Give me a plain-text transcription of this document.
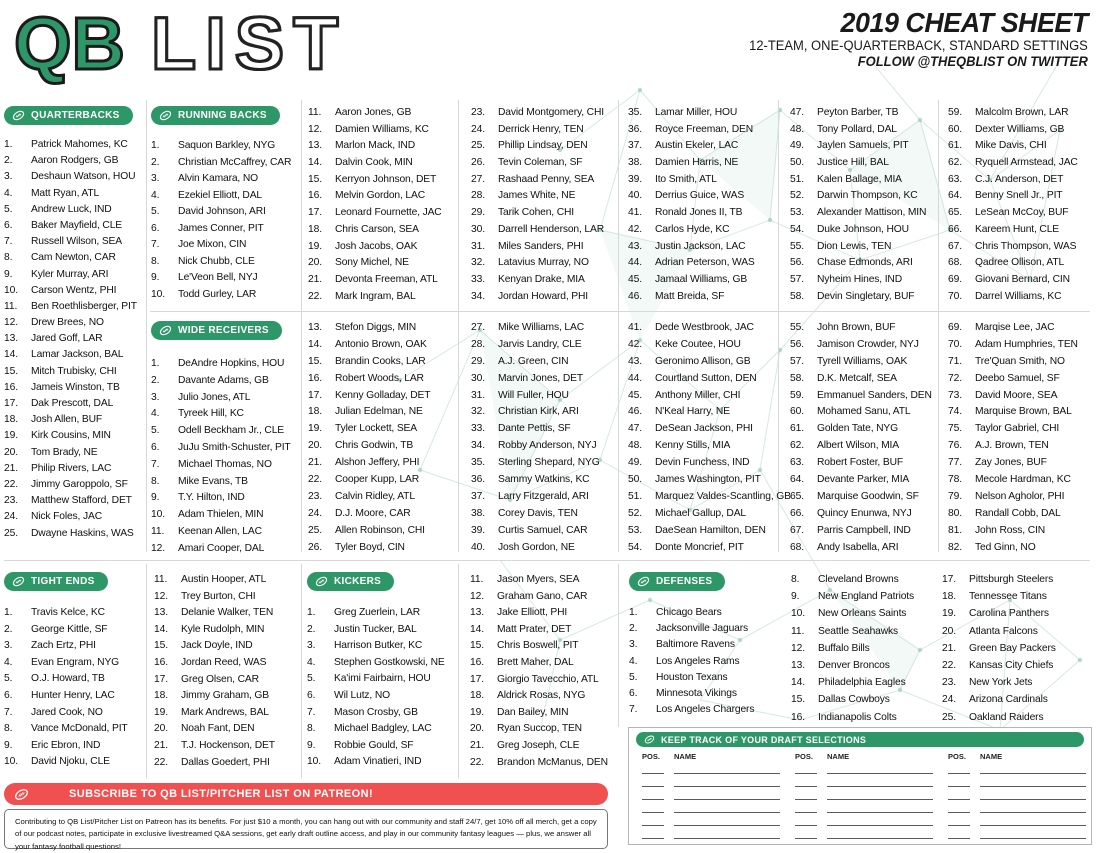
QB LIST	2019 CHEAT SHEET
12-TEAM, ONE-QUARTERBACK, STANDARD SETTINGS
FOLLOW @THEQBLIST ON TWITTER
QUARTERBACKS	RUNNING BACKS
WIDE RECEIVERS
TIGHT ENDS	KICKERS	DEFENSES
1.	Patrick Mahomes, KC
2.	Aaron Rodgers, GB
3.	Deshaun Watson, HOU
4.	Matt Ryan, ATL
5.	Andrew Luck, IND
6.	Baker Mayfield, CLE
7.	Russell Wilson, SEA
8.	Cam Newton, CAR
9.	Kyler Murray, ARI
10.	Carson Wentz, PHI
11.	Ben Roethlisberger, PIT
12.	Drew Brees, NO
13.	Jared Goff, LAR
14.	Lamar Jackson, BAL
15.	Mitch Trubisky, CHI
16.	Jameis Winston, TB
17.	Dak Prescott, DAL
18.	Josh Allen, BUF
19.	Kirk Cousins, MIN
20.	Tom Brady, NE
21.	Philip Rivers, LAC
22.	Jimmy Garoppolo, SF
23.	Matthew Stafford, DET
24.	Nick Foles, JAC
25.	Dwayne Haskins, WAS
1.	Saquon Barkley, NYG
2.	Christian McCaffrey, CAR
3.	Alvin Kamara, NO
4.	Ezekiel Elliott, DAL
5.	David Johnson, ARI
6.	James Conner, PIT
7.	Joe Mixon, CIN
8.	Nick Chubb, CLE
9.	Le'Veon Bell, NYJ
10.	Todd Gurley, LAR
11.	Aaron Jones, GB
12.	Damien Williams, KC
13.	Marlon Mack, IND
14.	Dalvin Cook, MIN
15.	Kerryon Johnson, DET
16.	Melvin Gordon, LAC
17.	Leonard Fournette, JAC
18.	Chris Carson, SEA
19.	Josh Jacobs, OAK
20.	Sony Michel, NE
21.	Devonta Freeman, ATL
22.	Mark Ingram, BAL
23.	David Montgomery, CHI
24.	Derrick Henry, TEN
25.	Phillip Lindsay, DEN
26.	Tevin Coleman, SF
27.	Rashaad Penny, SEA
28.	James White, NE
29.	Tarik Cohen, CHI
30.	Darrell Henderson, LAR
31.	Miles Sanders, PHI
32.	Latavius Murray, NO
33.	Kenyan Drake, MIA
34.	Jordan Howard, PHI
35.	Lamar Miller, HOU
36.	Royce Freeman, DEN
37.	Austin Ekeler, LAC
38.	Damien Harris, NE
39.	Ito Smith, ATL
40.	Derrius Guice, WAS
41.	Ronald Jones II, TB
42.	Carlos Hyde, KC
43.	Justin Jackson, LAC
44.	Adrian Peterson, WAS
45.	Jamaal Williams, GB
46.	Matt Breida, SF
47.	Peyton Barber, TB
48.	Tony Pollard, DAL
49.	Jaylen Samuels, PIT
50.	Justice Hill, BAL
51.	Kalen Ballage, MIA
52.	Darwin Thompson, KC
53.	Alexander Mattison, MIN
54.	Duke Johnson, HOU
55.	Dion Lewis, TEN
56.	Chase Edmonds, ARI
57.	Nyheim Hines, IND
58.	Devin Singletary, BUF
59.	Malcolm Brown, LAR
60.	Dexter Williams, GB
61.	Mike Davis, CHI
62.	Ryquell Armstead, JAC
63.	C.J. Anderson, DET
64.	Benny Snell Jr., PIT
65.	LeSean McCoy, BUF
66.	Kareem Hunt, CLE
67.	Chris Thompson, WAS
68.	Qadree Ollison, ATL
69.	Giovani Bernard, CIN
70.	Darrel Williams, KC
1.	DeAndre Hopkins, HOU
2.	Davante Adams, GB
3.	Julio Jones, ATL
4.	Tyreek Hill, KC
5.	Odell Beckham Jr., CLE
6.	JuJu Smith-Schuster, PIT
7.	Michael Thomas, NO
8.	Mike Evans, TB
9.	T.Y. Hilton, IND
10.	Adam Thielen, MIN
11.	Keenan Allen, LAC
12.	Amari Cooper, DAL
13.	Stefon Diggs, MIN
14.	Antonio Brown, OAK
15.	Brandin Cooks, LAR
16.	Robert Woods, LAR
17.	Kenny Golladay, DET
18.	Julian Edelman, NE
19.	Tyler Lockett, SEA
20.	Chris Godwin, TB
21.	Alshon Jeffery, PHI
22.	Cooper Kupp, LAR
23.	Calvin Ridley, ATL
24.	D.J. Moore, CAR
25.	Allen Robinson, CHI
26.	Tyler Boyd, CIN
27.	Mike Williams, LAC
28.	Jarvis Landry, CLE
29.	A.J. Green, CIN
30.	Marvin Jones, DET
31.	Will Fuller, HOU
32.	Christian Kirk, ARI
33.	Dante Pettis, SF
34.	Robby Anderson, NYJ
35.	Sterling Shepard, NYG
36.	Sammy Watkins, KC
37.	Larry Fitzgerald, ARI
38.	Corey Davis, TEN
39.	Curtis Samuel, CAR
40.	Josh Gordon, NE
41.	Dede Westbrook, JAC
42.	Keke Coutee, HOU
43.	Geronimo Allison, GB
44.	Courtland Sutton, DEN
45.	Anthony Miller, CHI
46.	N'Keal Harry, NE
47.	DeSean Jackson, PHI
48.	Kenny Stills, MIA
49.	Devin Funchess, IND
50.	James Washington, PIT
51.	Marquez Valdes-Scantling, GB
52.	Michael Gallup, DAL
53.	DaeSean Hamilton, DEN
54.	Donte Moncrief, PIT
55.	John Brown, BUF
56.	Jamison Crowder, NYJ
57.	Tyrell Williams, OAK
58.	D.K. Metcalf, SEA
59.	Emmanuel Sanders, DEN
60.	Mohamed Sanu, ATL
61.	Golden Tate, NYG
62.	Albert Wilson, MIA
63.	Robert Foster, BUF
64.	Devante Parker, MIA
65.	Marquise Goodwin, SF
66.	Quincy Enunwa, NYJ
67.	Parris Campbell, IND
68.	Andy Isabella, ARI
69.	Marqise Lee, JAC
70.	Adam Humphries, TEN
71.	Tre'Quan Smith, NO
72.	Deebo Samuel, SF
73.	David Moore, SEA
74.	Marquise Brown, BAL
75.	Taylor Gabriel, CHI
76.	A.J. Brown, TEN
77.	Zay Jones, BUF
78.	Mecole Hardman, KC
79.	Nelson Agholor, PHI
80.	Randall Cobb, DAL
81.	John Ross, CIN
82.	Ted Ginn, NO
1.	Travis Kelce, KC
2.	George Kittle, SF
3.	Zach Ertz, PHI
4.	Evan Engram, NYG
5.	O.J. Howard, TB
6.	Hunter Henry, LAC
7.	Jared Cook, NO
8.	Vance McDonald, PIT
9.	Eric Ebron, IND
10.	David Njoku, CLE
11.	Austin Hooper, ATL
12.	Trey Burton, CHI
13.	Delanie Walker, TEN
14.	Kyle Rudolph, MIN
15.	Jack Doyle, IND
16.	Jordan Reed, WAS
17.	Greg Olsen, CAR
18.	Jimmy Graham, GB
19.	Mark Andrews, BAL
20.	Noah Fant, DEN
21.	T.J. Hockenson, DET
22.	Dallas Goedert, PHI
1.	Greg Zuerlein, LAR
2.	Justin Tucker, BAL
3.	Harrison Butker, KC
4.	Stephen Gostkowski, NE
5.	Ka'imi Fairbairn, HOU
6.	Wil Lutz, NO
7.	Mason Crosby, GB
8.	Michael Badgley, LAC
9.	Robbie Gould, SF
10.	Adam Vinatieri, IND
11.	Jason Myers, SEA
12.	Graham Gano, CAR
13.	Jake Elliott, PHI
14.	Matt Prater, DET
15.	Chris Boswell, PIT
16.	Brett Maher, DAL
17.	Giorgio Tavecchio, ATL
18.	Aldrick Rosas, NYG
19.	Dan Bailey, MIN
20.	Ryan Succop, TEN
21.	Greg Joseph, CLE
22.	Brandon McManus, DEN
1.	Chicago Bears
2.	Jacksonville Jaguars
3.	Baltimore Ravens
4.	Los Angeles Rams
5.	Houston Texans
6.	Minnesota Vikings
7.	Los Angeles Chargers
8.	Cleveland Browns
9.	New England Patriots
10.	New Orleans Saints
11.	Seattle Seahawks
12.	Buffalo Bills
13.	Denver Broncos
14.	Philadelphia Eagles
15.	Dallas Cowboys
16.	Indianapolis Colts
17.	Pittsburgh Steelers
18.	Tennessee Titans
19.	Carolina Panthers
20.	Atlanta Falcons
21.	Green Bay Packers
22.	Kansas City Chiefs
23.	New York Jets
24.	Arizona Cardinals
25.	Oakland Raiders
KEEP TRACK OF YOUR DRAFT SELECTIONS
POS.	NAME	POS.	NAME	POS.	NAME
SUBSCRIBE TO QB LIST/PITCHER LIST ON PATREON!
Contributing to QB List/Pitcher List on Patreon has its benefits. For just $10 a month, you can hang out with our community and staff 24/7, get 10% off all merch, get a copy of our podcast notes, participate in exclusive livestreamed Q&A sessions, get early draft outline access, and play in our community fantasy leagues — plus, we answer all your fantasy football questions!
